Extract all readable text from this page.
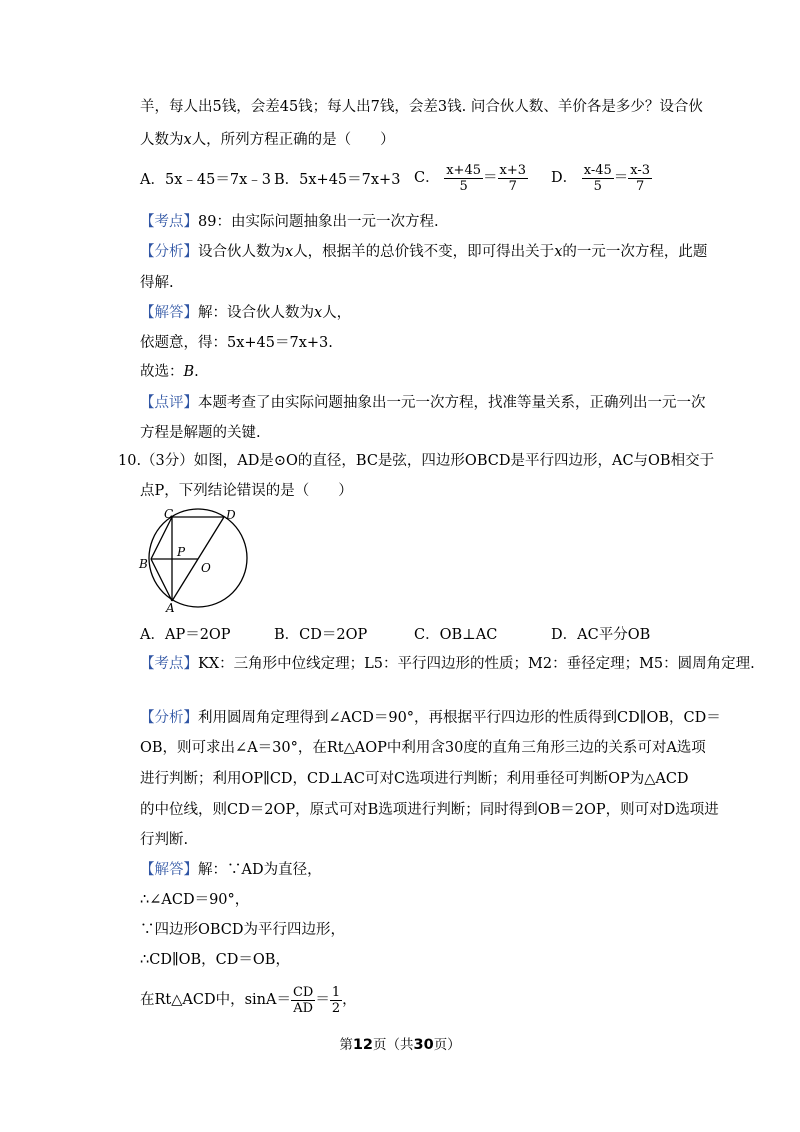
羊，每人出5钱，会差45钱；每人出7钱，会差3钱. 问合伙人数、羊价各是多少？设合伙
人数为x人，所列方程正确的是（　　）
A．5x﹣45＝7x﹣3 B．5x+45＝7x+3 C． $\frac{x+45}{5} = \frac{x+3}{7}$ D． $\frac{x-45}{5} = \frac{x-3}{7}$
【考点】89：由实际问题抽象出一元一次方程.
【分析】设合伙人数为x人，根据羊的总价钱不变，即可得出关于x的一元一次方程，此题
得解.
【解答】解：设合伙人数为x人，
依题意，得：5x+45＝7x+3.
故选：B.
【点评】本题考查了由实际问题抽象出一元一次方程，找准等量关系，正确列出一元一次
方程是解题的关键.
10.（3分）如图，AD是⊙O的直径，BC是弦，四边形OBCD是平行四边形，AC与OB相交于
点P，下列结论错误的是（　　）
C	D
P
B	O
A
A．AP＝2OP	B．CD＝2OP	C．OB⊥AC	D．AC平分OB
【考点】KX：三角形中位线定理；L5：平行四边形的性质；M2：垂径定理；M5：圆周角定理.
【分析】利用圆周角定理得到∠ACD＝90°，再根据平行四边形的性质得到CD∥OB，CD＝
OB，则可求出∠A＝30°，在Rt△AOP中利用含30度的直角三角形三边的关系可对A选项
进行判断；利用OP∥CD，CD⊥AC可对C选项进行判断；利用垂径可判断OP为△ACD
的中位线，则CD＝2OP，原式可对B选项进行判断；同时得到OB＝2OP，则可对D选项进
行判断.
【解答】解：∵AD为直径，
∴∠ACD＝90°，
∵四边形OBCD为平行四边形，
∴CD∥OB，CD＝OB，
在Rt△ACD中，$\sin A= \frac{CD}{AD} = \frac{1}{2}$ ，
第12页（共30页）
